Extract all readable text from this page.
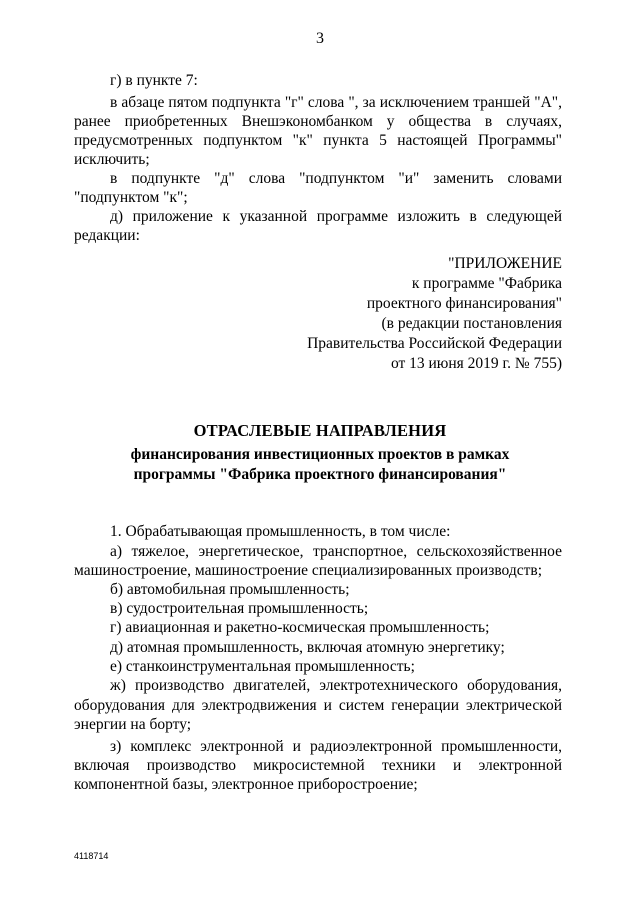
3
г) в пункте 7:
в абзаце пятом подпункта "г" слова ", за исключением траншей "А",
ранее приобретенных Внешэкономбанком у общества в случаях,
предусмотренных подпунктом "к" пункта 5 настоящей Программы"
исключить;
в подпункте "д" слова "подпунктом "и" заменить словами
"подпунктом "к";
д) приложение к указанной программе изложить в следующей
редакции:
"ПРИЛОЖЕНИЕ
к программе "Фабрика
проектного финансирования"
(в редакции постановления
Правительства Российской Федерации
от 13 июня 2019 г. № 755)
ОТРАСЛЕВЫЕ НАПРАВЛЕНИЯ
финансирования инвестиционных проектов в рамках
программы "Фабрика проектного финансирования"
1. Обрабатывающая промышленность, в том числе:
а) тяжелое, энергетическое, транспортное, сельскохозяйственное
машиностроение, машиностроение специализированных производств;
б) автомобильная промышленность;
в) судостроительная промышленность;
г) авиационная и ракетно-космическая промышленность;
д) атомная промышленность, включая атомную энергетику;
е) станкоинструментальная промышленность;
ж) производство двигателей, электротехнического оборудования,
оборудования для электродвижения и систем генерации электрической
энергии на борту;
з) комплекс электронной и радиоэлектронной промышленности,
включая производство микросистемной техники и электронной
компонентной базы, электронное приборостроение;
4118714
